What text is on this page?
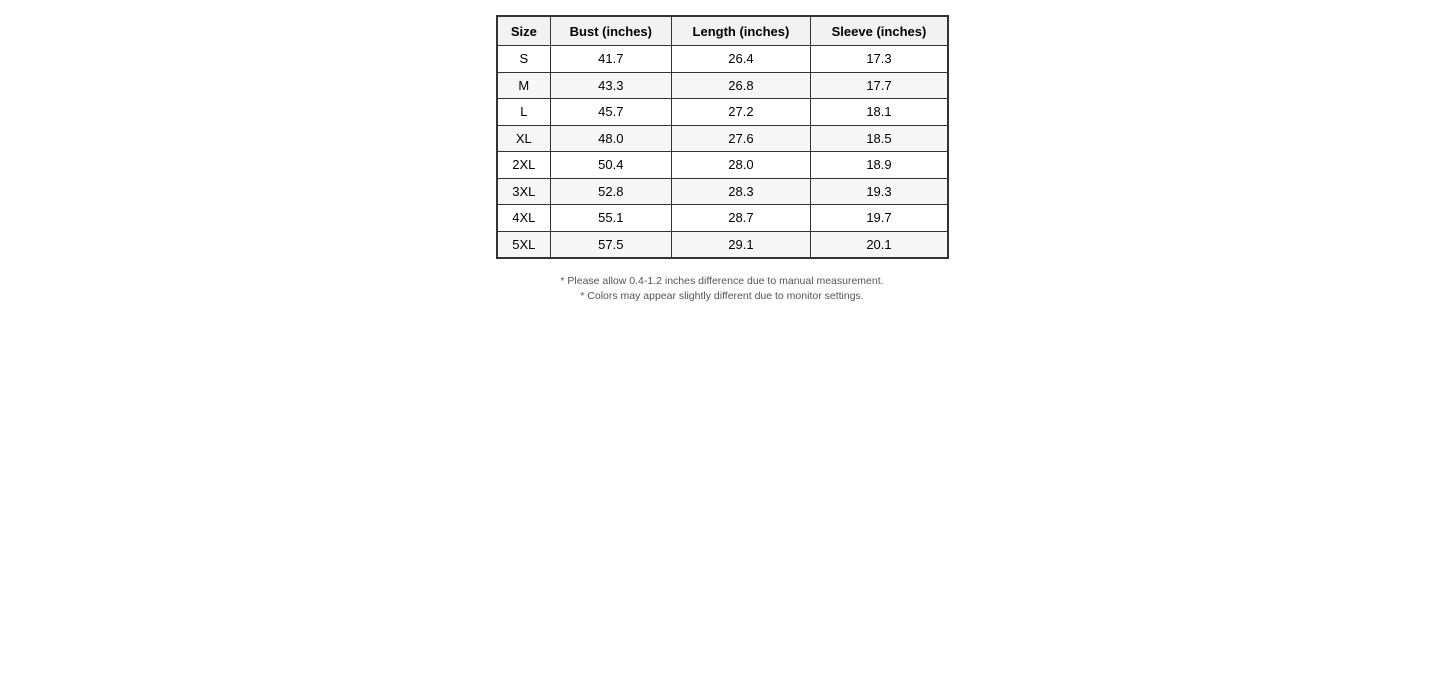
Size	Bust (inches)	Length (inches)	Sleeve (inches)
S	41.7	26.4	17.3
M	43.3	26.8	17.7
L	45.7	27.2	18.1
XL	48.0	27.6	18.5
2XL	50.4	28.0	18.9
3XL	52.8	28.3	19.3
4XL	55.1	28.7	19.7
5XL	57.5	29.1	20.1

* Please allow 0.4-1.2 inches difference due to manual measurement.

* Colors may appear slightly different due to monitor settings.
